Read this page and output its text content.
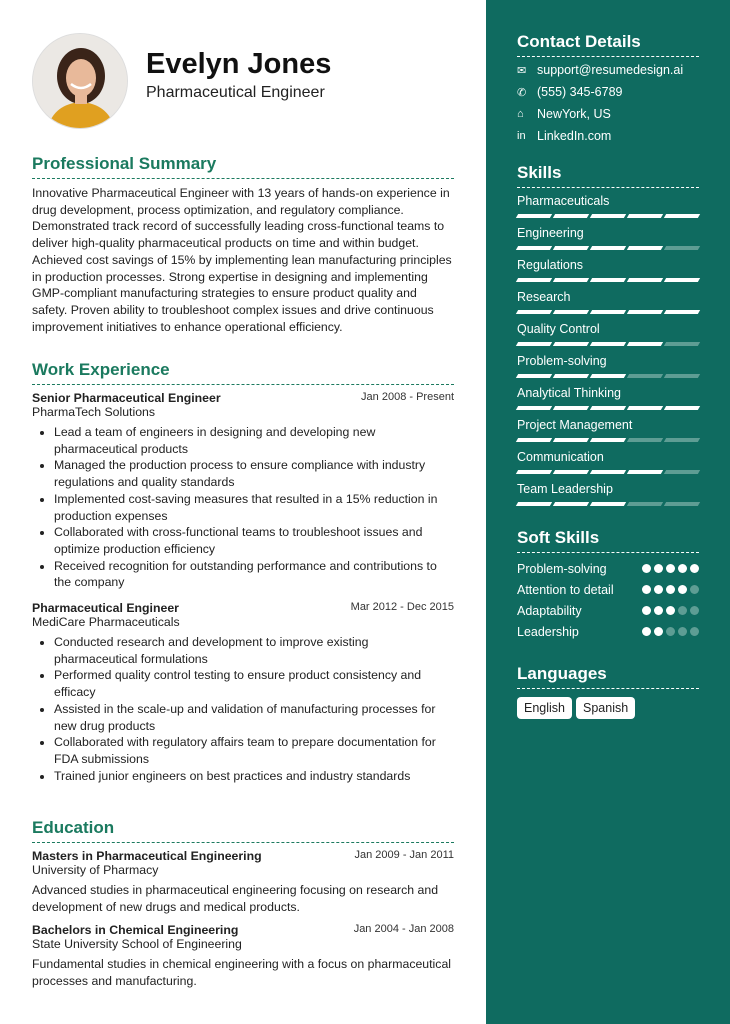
Evelyn Jones
Pharmaceutical Engineer
Professional Summary

Innovative Pharmaceutical Engineer with 13 years of hands-on experience in drug development, process optimization, and regulatory compliance. Demonstrated track record of successfully leading cross-functional teams to deliver high-quality pharmaceutical products on time and within budget. Achieved cost savings of 15% by implementing lean manufacturing principles in production processes. Strong expertise in designing and implementing GMP-compliant manufacturing strategies to ensure product quality and safety. Proven ability to troubleshoot complex issues and drive continuous improvement initiatives to enhance operational efficiency.

Work Experience
Senior Pharmaceutical Engineer	Jan 2008 - Present
PharmaTech Solutions
• Lead a team of engineers in designing and developing new pharmaceutical products
• Managed the production process to ensure compliance with industry regulations and quality standards
• Implemented cost-saving measures that resulted in a 15% reduction in production expenses
• Collaborated with cross-functional teams to troubleshoot issues and optimize production efficiency
• Received recognition for outstanding performance and contributions to the company
Pharmaceutical Engineer	Mar 2012 - Dec 2015
MediCare Pharmaceuticals
• Conducted research and development to improve existing pharmaceutical formulations
• Performed quality control testing to ensure product consistency and efficacy
• Assisted in the scale-up and validation of manufacturing processes for new drug products
• Collaborated with regulatory affairs team to prepare documentation for FDA submissions
• Trained junior engineers on best practices and industry standards
Education
Masters in Pharmaceutical Engineering	Jan 2009 - Jan 2011
University of Pharmacy

Advanced studies in pharmaceutical engineering focusing on research and development of new drugs and medical products.

Bachelors in Chemical Engineering	Jan 2004 - Jan 2008
State University School of Engineering

Fundamental studies in chemical engineering with a focus on pharmaceutical processes and manufacturing.

Contact Details
✉ support@resumedesign.ai
✆ (555) 345-6789
⌂	NewYork, US
in LinkedIn.com
Skills
Pharmaceuticals
Engineering
Regulations
Research
Quality Control
Problem-solving
Analytical Thinking
Project Management
Communication
Team Leadership
Soft Skills
Problem-solving
Attention to detail
Adaptability
Leadership
Languages
English Spanish
